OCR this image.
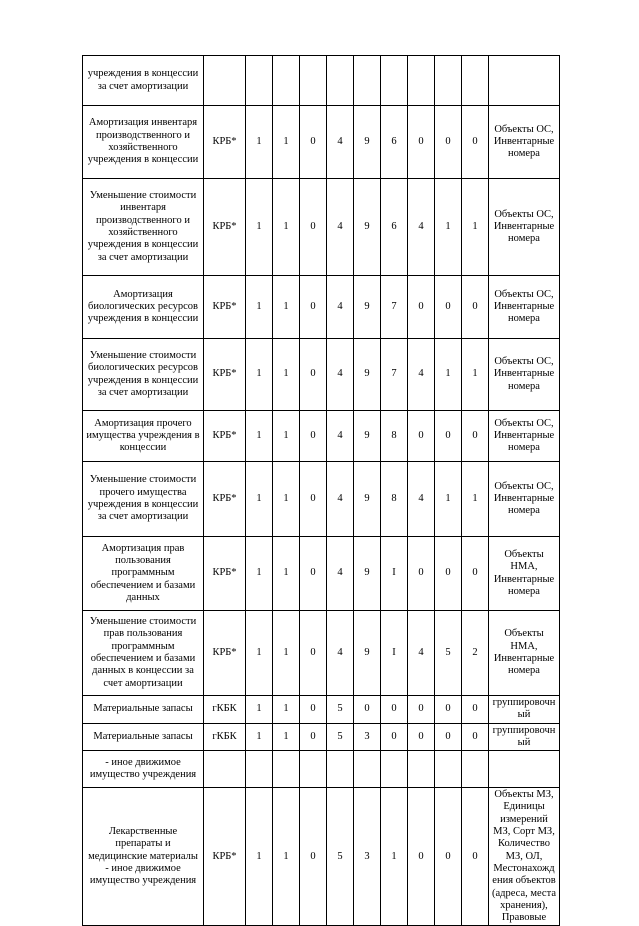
учреждения в концессии за счет амортизации											
Амортизация инвентаря производственного и хозяйственного учреждения в концессии	КРБ*	1	1	0	4	9	6	0	0	0	Объекты ОС, Инвентарные номера
Уменьшение стоимости инвентаря производственного и хозяйственного учреждения в концессии за счет амортизации	КРБ*	1	1	0	4	9	6	4	1	1	Объекты ОС, Инвентарные номера
Амортизация биологических ресурсов учреждения в концессии	КРБ*	1	1	0	4	9	7	0	0	0	Объекты ОС, Инвентарные номера
Уменьшение стоимости биологических ресурсов учреждения в концессии за счет амортизации	КРБ*	1	1	0	4	9	7	4	1	1	Объекты ОС, Инвентарные номера
Амортизация прочего имущества учреждения в концессии	КРБ*	1	1	0	4	9	8	0	0	0	Объекты ОС, Инвентарные номера
Уменьшение стоимости прочего имущества учреждения в концессии за счет амортизации	КРБ*	1	1	0	4	9	8	4	1	1	Объекты ОС, Инвентарные номера
Амортизация прав пользования программным обеспечением и базами данных	КРБ*	1	1	0	4	9	I	0	0	0	Объекты НМА, Инвентарные номера
Уменьшение стоимости прав пользования программным обеспечением и базами данных в концессии за счет амортизации	КРБ*	1	1	0	4	9	I	4	5	2	Объекты НМА, Инвентарные номера
Материальные запасы	гКБК	1	1	0	5	0	0	0	0	0	группировочный
Материальные запасы	гКБК	1	1	0	5	3	0	0	0	0	группировочный
- иное движимое имущество учреждения											
Лекарственные препараты и медицинские материалы - иное движимое имущество учреждения	КРБ*	1	1	0	5	3	1	0	0	0	Объекты МЗ, Единицы измерений МЗ, Сорт МЗ, Количество МЗ, ОЛ, Местонахождения объектов (адреса, места хранения), Правовые
